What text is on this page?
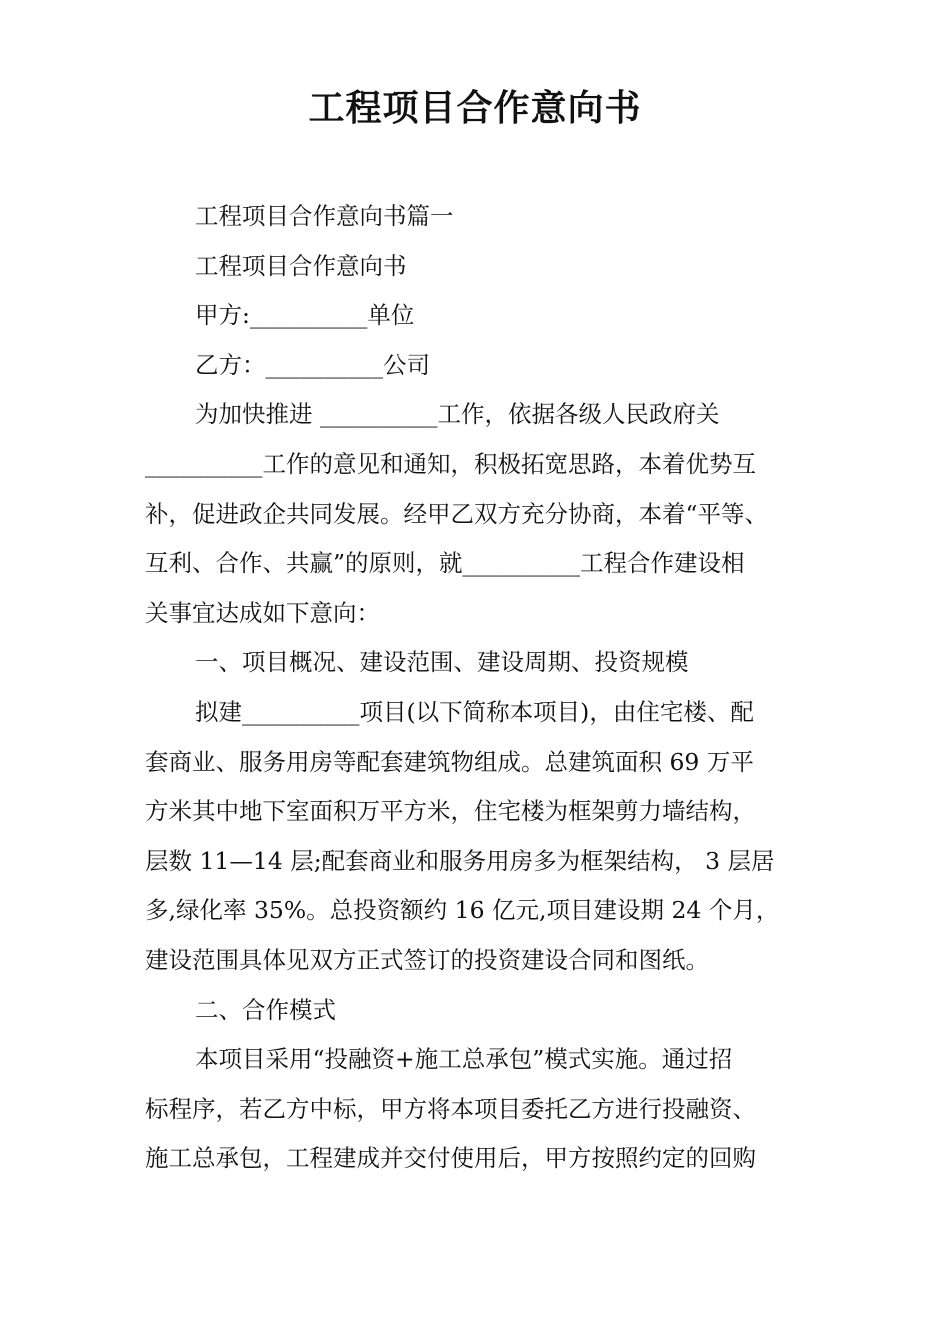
工程项目合作意向书
工程项目合作意向书篇一
工程项目合作意向书
甲方:__________单位
乙方：__________公司
为加快推进 __________工作，依据各级人民政府关
__________工作的意见和通知，积极拓宽思路，本着优势互
补，促进政企共同发展。经甲乙双方充分协商，本着“平等、
互利、合作、共赢”的原则，就__________工程合作建设相
关事宜达成如下意向：
一、项目概况、建设范围、建设周期、投资规模
拟建__________项目(以下简称本项目)，由住宅楼、配
套商业、服务用房等配套建筑物组成。总建筑面积 69 万平
方米其中地下室面积万平方米，住宅楼为框架剪力墙结构，
层数 11—14 层;配套商业和服务用房多为框架结构， 3 层居
多,绿化率 35%。总投资额约 16 亿元,项目建设期 24 个月，
建设范围具体见双方正式签订的投资建设合同和图纸。
二、合作模式
本项目采用“投融资+施工总承包”模式实施。通过招
标程序，若乙方中标，甲方将本项目委托乙方进行投融资、
施工总承包，工程建成并交付使用后，甲方按照约定的回购
